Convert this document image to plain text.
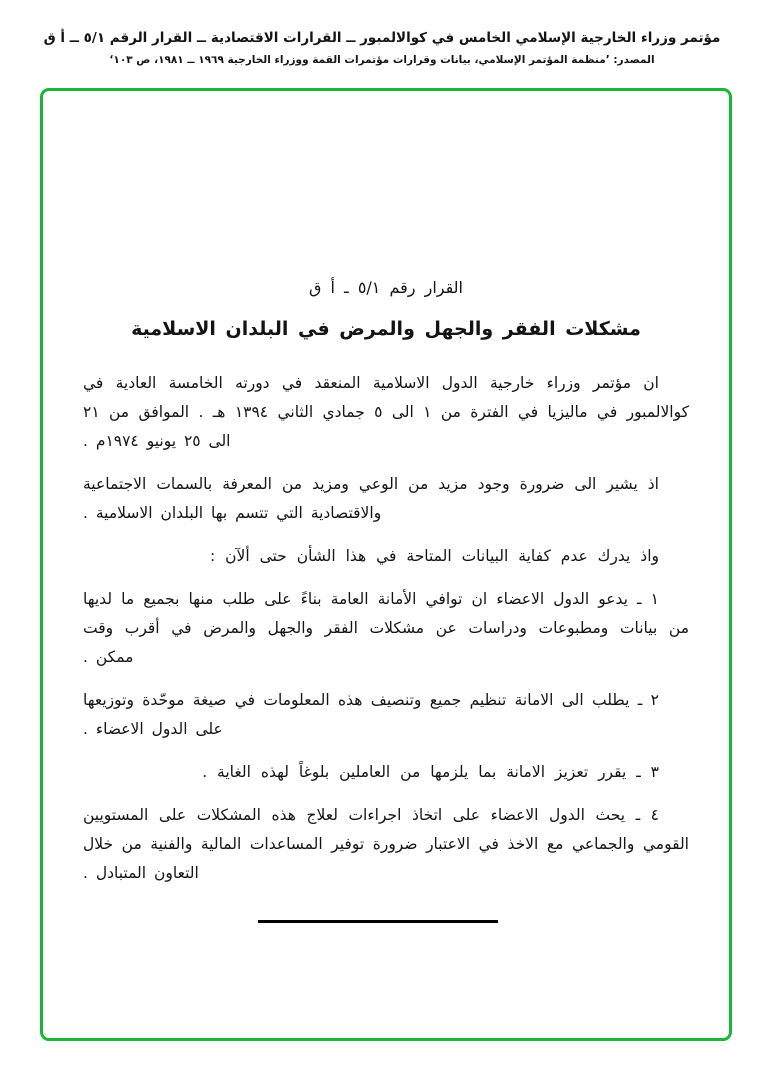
مؤتمر وزراء الخارجية الإسلامي الخامس في كوالالمبور ــ القرارات الاقتصادية ــ القرار الرقم ٥/١ ــ أ ق
المصدر: ’منظمة المؤتمر الإسلامي، بيانات وقرارات مؤتمرات القمة ووزراء الخارجية ١٩٦٩ ــ ١٩٨١، ص ١٠٣‘
القرار رقم ٥/١ ـ أ ق
مشكلات الفقر والجهل والمرض في البلدان الاسلامية

ان مؤتمر وزراء خارجية الدول الاسلامية المنعقد في دورته الخامسة العادية في كوالالمبور في ماليزيا في الفترة من ١ الى ٥ جمادي الثاني ١٣٩٤ هـ . الموافق من ٢١ الى ٢٥ يونيو ١٩٧٤م .

اذ يشير الى ضرورة وجود مزيد من الوعي ومزيد من المعرفة بالسمات الاجتماعية والاقتصادية التي تتسم بها البلدان الاسلامية .

واذ يدرك عدم كفاية البيانات المتاحة في هذا الشأن حتى ألآن :

١ ـ يدعو الدول الاعضاء ان توافي الأمانة العامة بناءً على طلب منها بجميع ما لديها من بيانات ومطبوعات ودراسات عن مشكلات الفقر والجهل والمرض في أقرب وقت ممكن .

٢ ـ يطلب الى الامانة تنظيم جميع وتنصيف هذه المعلومات في صيغة موحّدة وتوزيعها على الدول الاعضاء .

٣ ـ يقرر تعزيز الامانة بما يلزمها من العاملين بلوغاً لهذه الغاية .

٤ ـ يحث الدول الاعضاء على اتخاذ اجراءات لعلاج هذه المشكلات على المستويين القومي والجماعي مع الاخذ في الاعتبار ضرورة توفير المساعدات المالية والفنية من خلال التعاون المتبادل .
